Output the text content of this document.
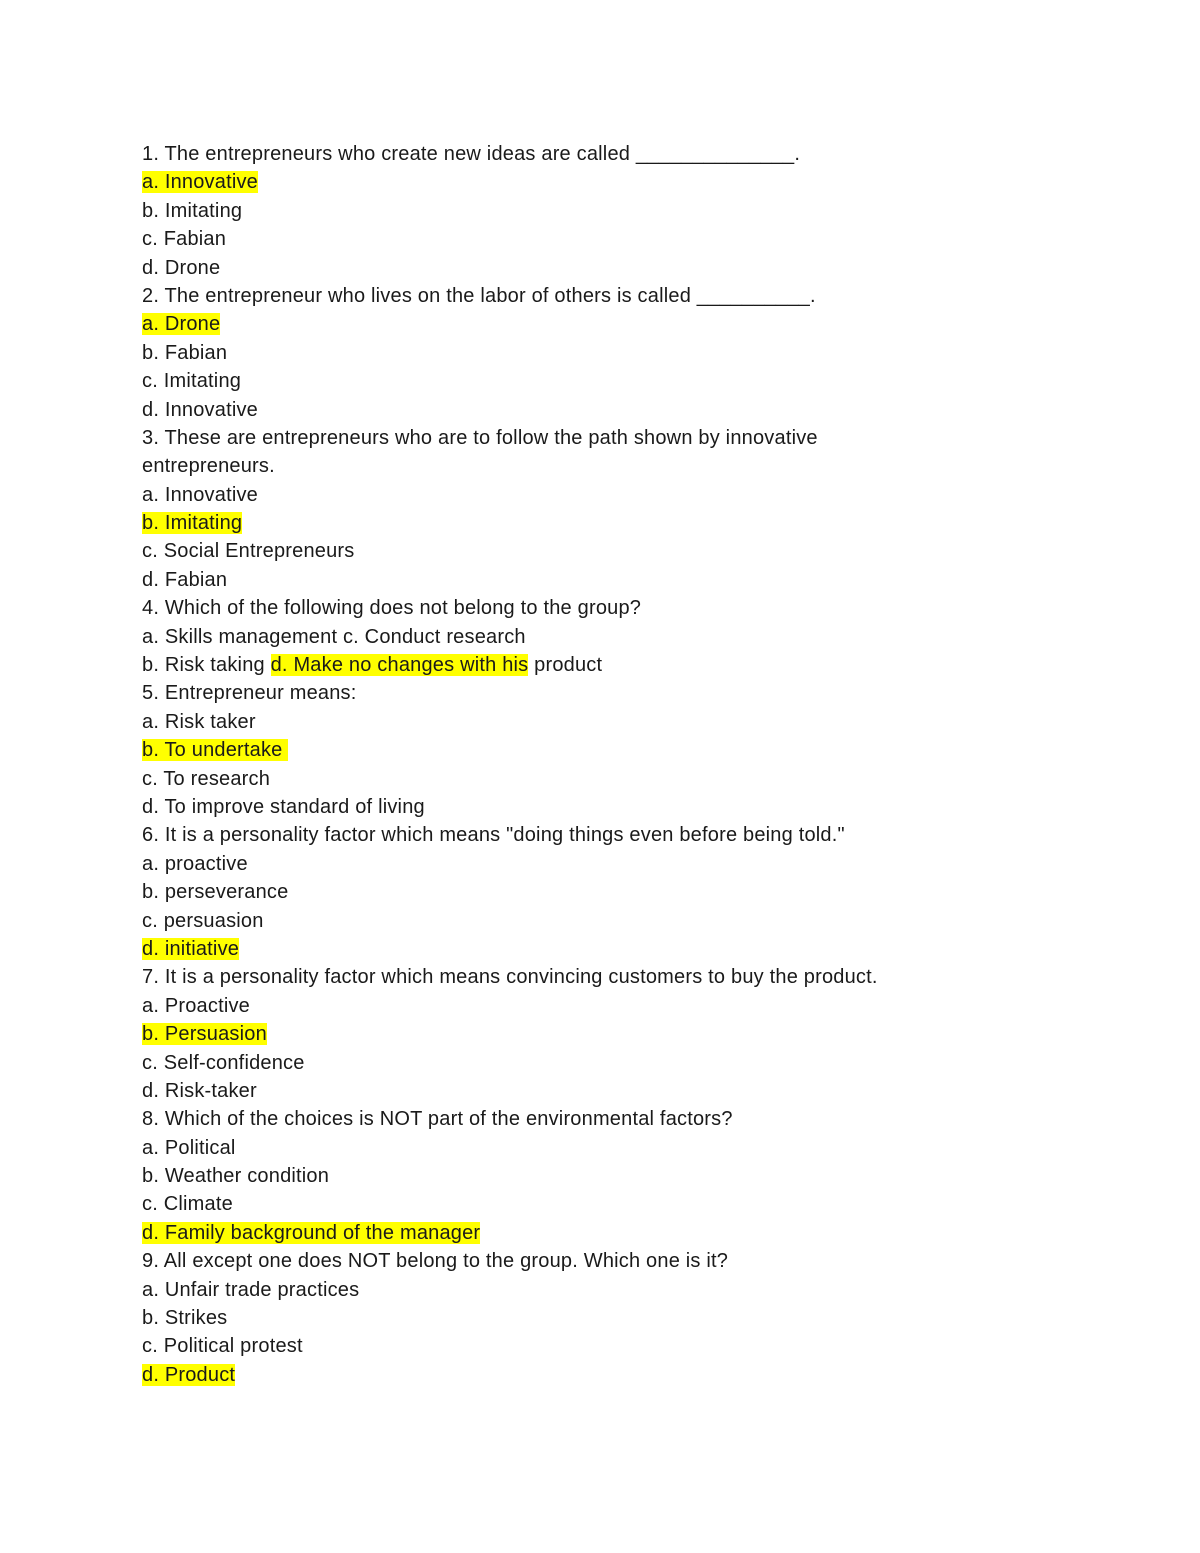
1. The entrepreneurs who create new ideas are called ______________.
a. Innovative
b. Imitating
c. Fabian
d. Drone
2. The entrepreneur who lives on the labor of others is called __________.
a. Drone
b. Fabian
c. Imitating
d. Innovative
3. These are entrepreneurs who are to follow the path shown by innovative
entrepreneurs.
a. Innovative
b. Imitating
c. Social Entrepreneurs
d. Fabian
4. Which of the following does not belong to the group?
a. Skills management c. Conduct research
b. Risk taking d. Make no changes with his product
5. Entrepreneur means:
a. Risk taker
b. To undertake
c. To research
d. To improve standard of living
6. It is a personality factor which means "doing things even before being told."
a. proactive
b. perseverance
c. persuasion
d. initiative
7. It is a personality factor which means convincing customers to buy the product.
a. Proactive
b. Persuasion
c. Self-confidence
d. Risk-taker
8. Which of the choices is NOT part of the environmental factors?
a. Political
b. Weather condition
c. Climate
d. Family background of the manager
9. All except one does NOT belong to the group. Which one is it?
a. Unfair trade practices
b. Strikes
c. Political protest
d. Product
